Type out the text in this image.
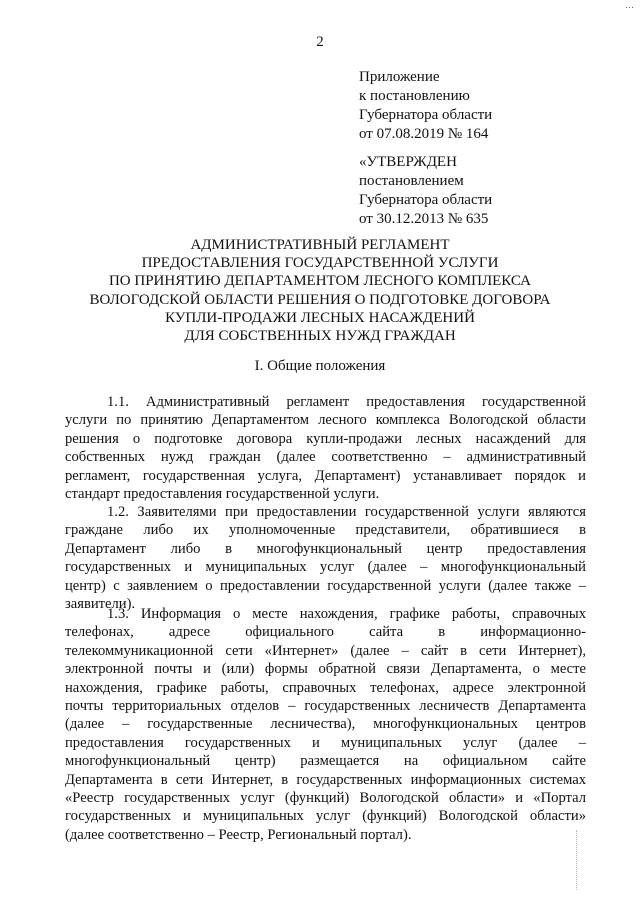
…
2
Приложение
к постановлению
Губернатора области
от 07.08.2019 № 164
«УТВЕРЖДЕН
постановлением
Губернатора области
от 30.12.2013 № 635
АДМИНИСТРАТИВНЫЙ РЕГЛАМЕНТ
ПРЕДОСТАВЛЕНИЯ ГОСУДАРСТВЕННОЙ УСЛУГИ
ПО ПРИНЯТИЮ ДЕПАРТАМЕНТОМ ЛЕСНОГО КОМПЛЕКСА
ВОЛОГОДСКОЙ ОБЛАСТИ РЕШЕНИЯ О ПОДГОТОВКЕ ДОГОВОРА
КУПЛИ-ПРОДАЖИ ЛЕСНЫХ НАСАЖДЕНИЙ
ДЛЯ СОБСТВЕННЫХ НУЖД ГРАЖДАН
I. Общие положения
1.1. Административный регламент предоставления государственной
услуги по принятию Департаментом лесного комплекса Вологодской области
решения о подготовке договора купли-продажи лесных насаждений для
собственных нужд граждан (далее соответственно – административный
регламент, государственная услуга, Департамент) устанавливает порядок и
стандарт предоставления государственной услуги.
1.2. Заявителями при предоставлении государственной услуги являются
граждане либо их уполномоченные представители, обратившиеся в
Департамент либо в многофункциональный центр предоставления
государственных и муниципальных услуг (далее – многофункциональный
центр) с заявлением о предоставлении государственной услуги (далее также –
заявители).
1.3. Информация о месте нахождения, графике работы, справочных
телефонах, адресе официального сайта в информационно-
телекоммуникационной сети «Интернет» (далее – сайт в сети Интернет),
электронной почты и (или) формы обратной связи Департамента, о месте
нахождения, графике работы, справочных телефонах, адресе электронной
почты территориальных отделов – государственных лесничеств Департамента
(далее – государственные лесничества), многофункциональных центров
предоставления государственных и муниципальных услуг (далее –
многофункциональный центр) размещается на официальном сайте
Департамента в сети Интернет, в государственных информационных системах
«Реестр государственных услуг (функций) Вологодской области» и «Портал
государственных и муниципальных услуг (функций) Вологодской области»
(далее соответственно – Реестр, Региональный портал).
